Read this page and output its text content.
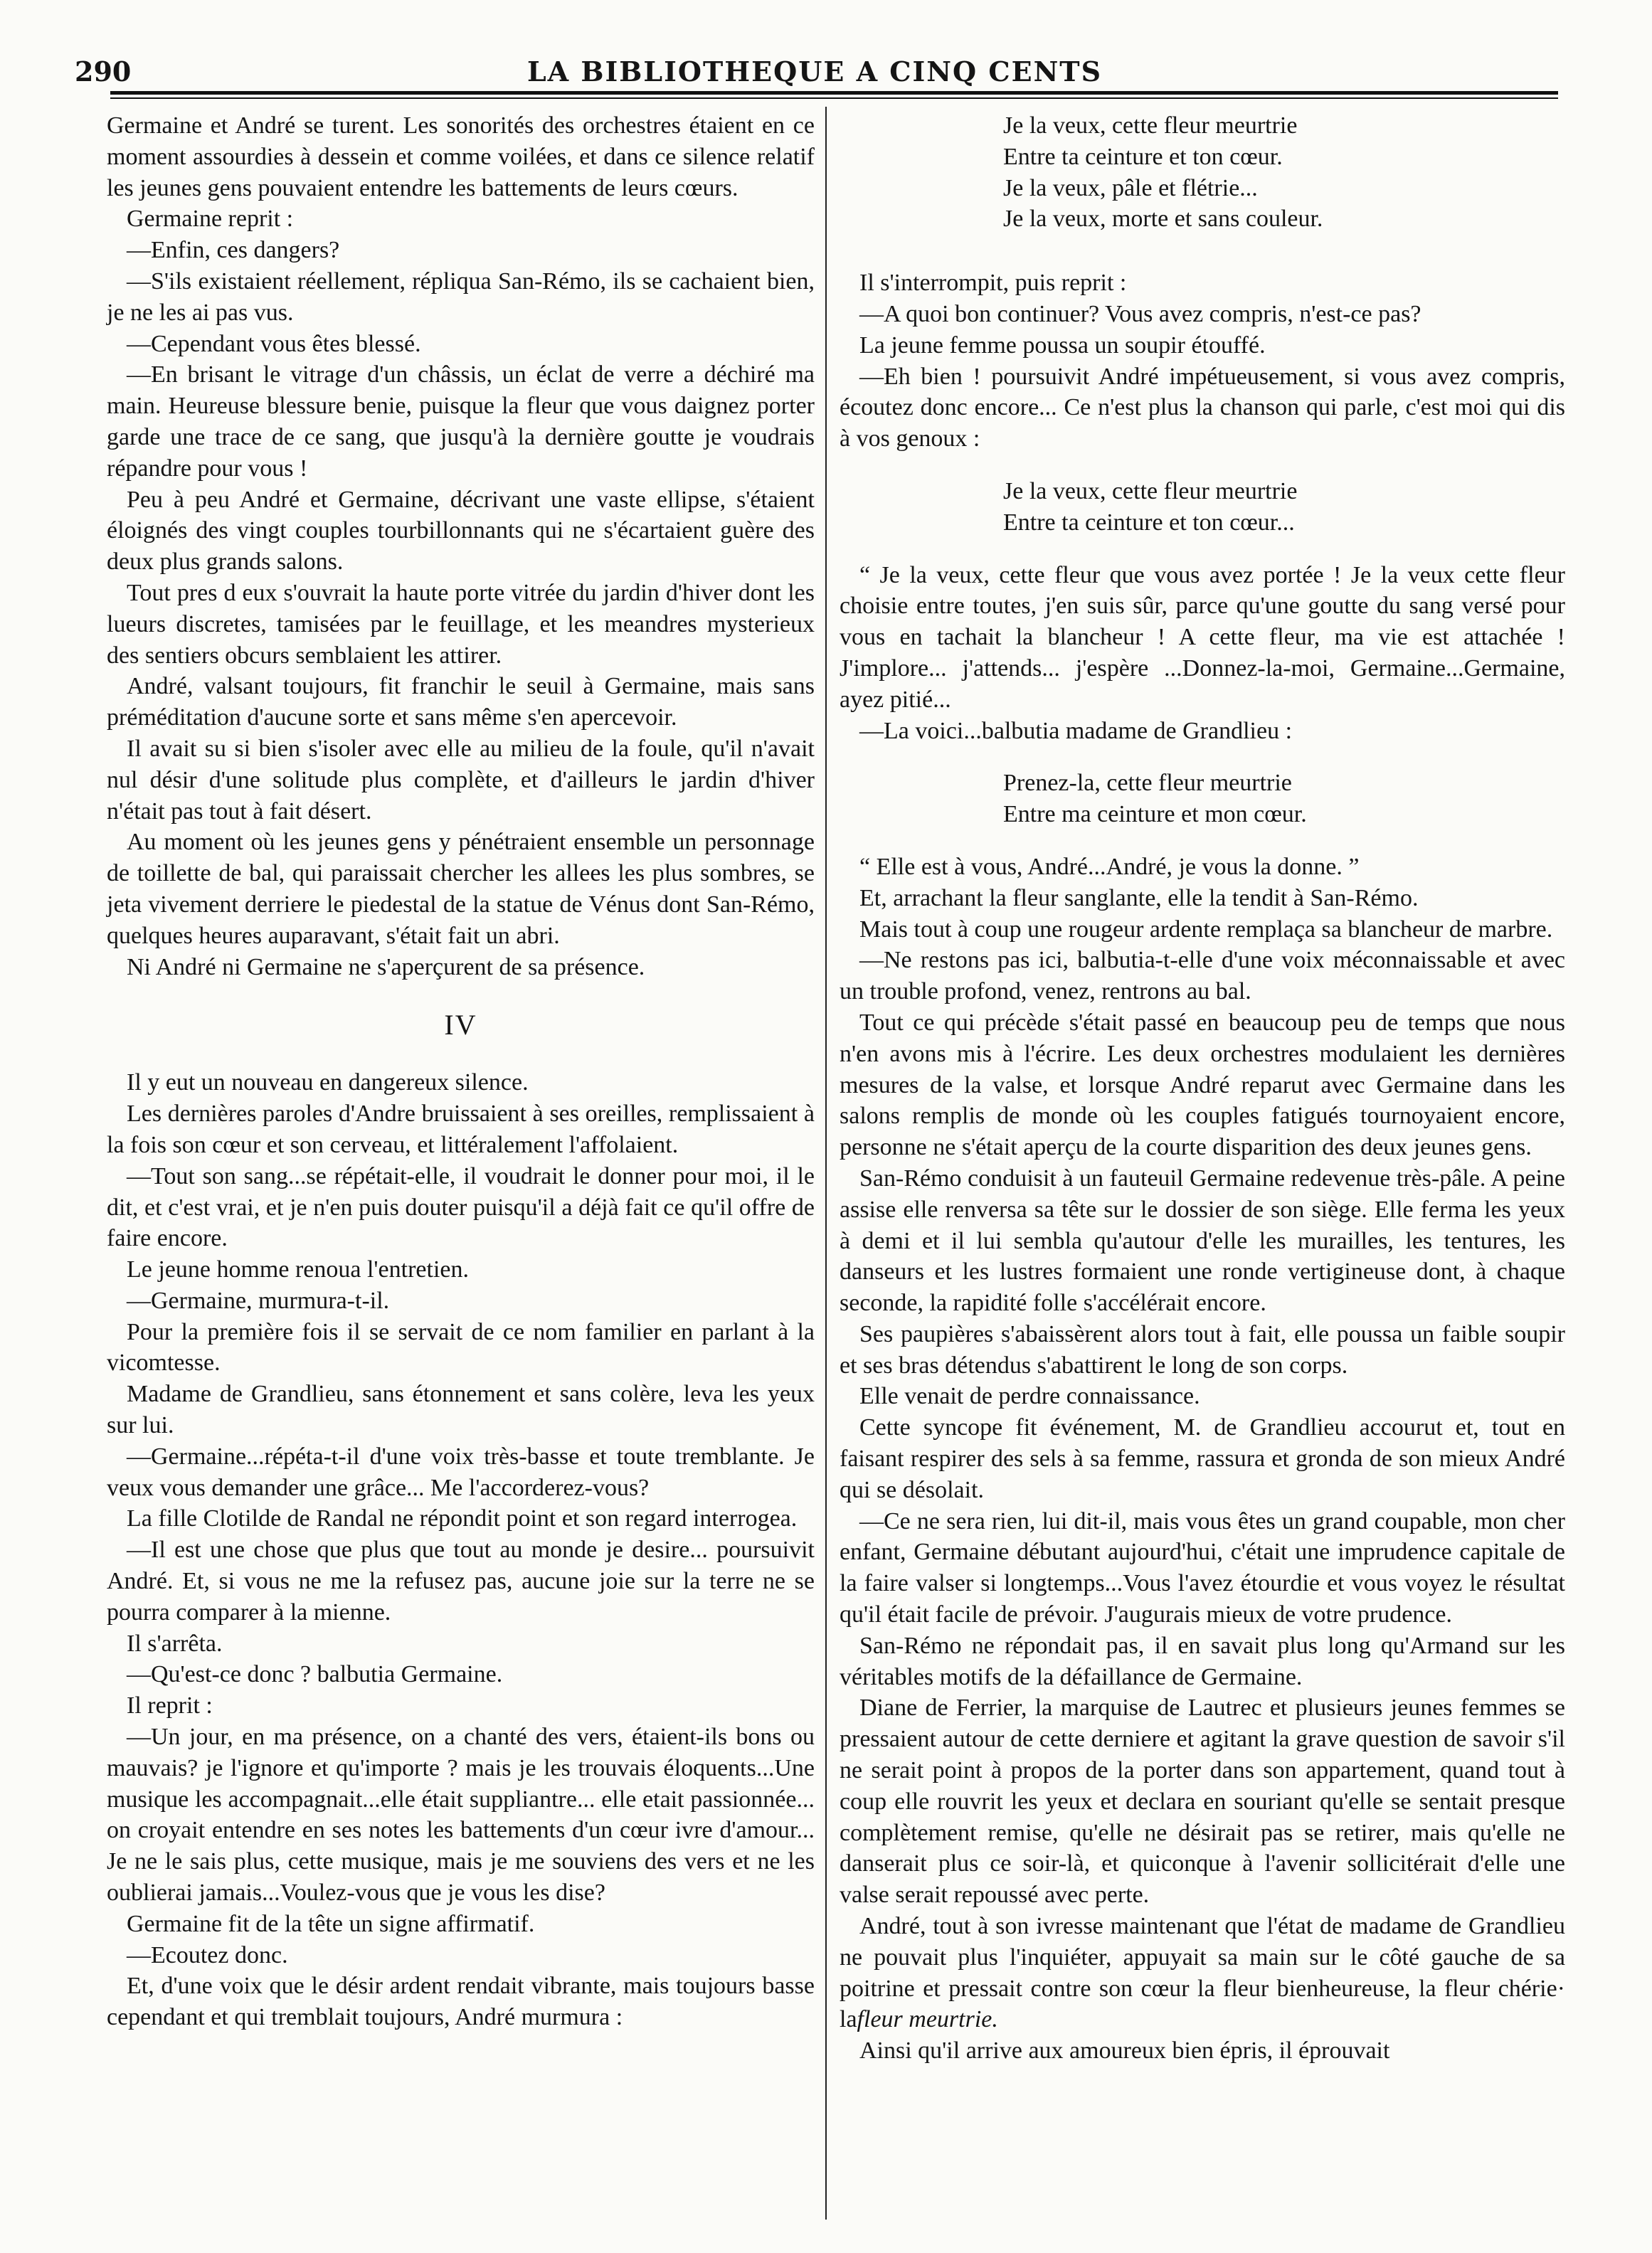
290	LA BIBLIOTHEQUE A CINQ CENTS

Germaine et André se turent. Les sonorités des orchestres étaient en ce moment assourdies à dessein et comme voilées, et dans ce silence relatif les jeunes gens pouvaient entendre les battements de leurs cœurs.

Germaine reprit :

—Enfin, ces dangers?

—S'ils existaient réellement, répliqua San-Rémo, ils se cachaient bien, je ne les ai pas vus.

—Cependant vous êtes blessé.

—En brisant le vitrage d'un châssis, un éclat de verre a déchiré ma main. Heureuse blessure benie, puisque la fleur que vous daignez porter garde une trace de ce sang, que jusqu'à la dernière goutte je voudrais répandre pour vous !

Peu à peu André et Germaine, décrivant une vaste ellipse, s'étaient éloignés des vingt couples tourbillonnants qui ne s'écartaient guère des deux plus grands salons.

Tout pres d eux s'ouvrait la haute porte vitrée du jardin d'hiver dont les lueurs discretes, tamisées par le feuillage, et les meandres mysterieux des sentiers obcurs semblaient les attirer.

André, valsant toujours, fit franchir le seuil à Germaine, mais sans préméditation d'aucune sorte et sans même s'en apercevoir.

Il avait su si bien s'isoler avec elle au milieu de la foule, qu'il n'avait nul désir d'une solitude plus complète, et d'ailleurs le jardin d'hiver n'était pas tout à fait désert.

Au moment où les jeunes gens y pénétraient ensemble un personnage de toillette de bal, qui paraissait chercher les allees les plus sombres, se jeta vivement derriere le piedestal de la statue de Vénus dont San-Rémo, quelques heures auparavant, s'était fait un abri.

Ni André ni Germaine ne s'aperçurent de sa présence.

IV

Il y eut un nouveau en dangereux silence.

Les dernières paroles d'Andre bruissaient à ses oreilles, remplissaient à la fois son cœur et son cerveau, et littéralement l'affolaient.

—Tout son sang...se répétait-elle, il voudrait le donner pour moi, il le dit, et c'est vrai, et je n'en puis douter puisqu'il a déjà fait ce qu'il offre de faire encore.

Le jeune homme renoua l'entretien.

—Germaine, murmura-t-il.

Pour la première fois il se servait de ce nom familier en parlant à la vicomtesse.

Madame de Grandlieu, sans étonnement et sans colère, leva les yeux sur lui.

—Germaine...répéta-t-il d'une voix très-basse et toute tremblante. Je veux vous demander une grâce... Me l'accorderez-vous?

La fille Clotilde de Randal ne répondit point et son regard interrogea.

—Il est une chose que plus que tout au monde je desire... poursuivit André. Et, si vous ne me la refusez pas, aucune joie sur la terre ne se pourra comparer à la mienne.

Il s'arrêta.

—Qu'est-ce donc ? balbutia Germaine.

Il reprit :

—Un jour, en ma présence, on a chanté des vers, étaient-ils bons ou mauvais? je l'ignore et qu'importe ? mais je les trouvais éloquents...Une musique les accompagnait...elle était suppliantre... elle etait passionnée... on croyait entendre en ses notes les battements d'un cœur ivre d'amour... Je ne le sais plus, cette musique, mais je me souviens des vers et ne les oublierai jamais...Voulez-vous que je vous les dise?

Germaine fit de la tête un signe affirmatif.

—Ecoutez donc.

Et, d'une voix que le désir ardent rendait vibrante, mais toujours basse cependant et qui tremblait toujours, André murmura :

Je la veux, cette fleur meurtrie

Entre ta ceinture et ton cœur.

Je la veux, pâle et flétrie...

Je la veux, morte et sans couleur.

Il s'interrompit, puis reprit :

—A quoi bon continuer? Vous avez compris, n'est-ce pas?

La jeune femme poussa un soupir étouffé.

—Eh bien ! poursuivit André impétueusement, si vous avez compris, écoutez donc encore... Ce n'est plus la chanson qui parle, c'est moi qui dis à vos genoux :

Je la veux, cette fleur meurtrie

Entre ta ceinture et ton cœur...

“ Je la veux, cette fleur que vous avez portée ! Je la veux cette fleur choisie entre toutes, j'en suis sûr, parce qu'une goutte du sang versé pour vous en tachait la blancheur ! A cette fleur, ma vie est attachée ! J'implore... j'attends... j'espère ...Donnez-la-moi, Germaine...Germaine, ayez pitié...

—La voici...balbutia madame de Grandlieu :

Prenez-la, cette fleur meurtrie

Entre ma ceinture et mon cœur.

“ Elle est à vous, André...André, je vous la donne. ”

Et, arrachant la fleur sanglante, elle la tendit à San-Rémo.

Mais tout à coup une rougeur ardente remplaça sa blancheur de marbre.

—Ne restons pas ici, balbutia-t-elle d'une voix méconnaissable et avec un trouble profond, venez, rentrons au bal.

Tout ce qui précède s'était passé en beaucoup peu de temps que nous n'en avons mis à l'écrire. Les deux orchestres modulaient les dernières mesures de la valse, et lorsque André reparut avec Germaine dans les salons remplis de monde où les couples fatigués tournoyaient encore, personne ne s'était aperçu de la courte disparition des deux jeunes gens.

San-Rémo conduisit à un fauteuil Germaine redevenue très-pâle. A peine assise elle renversa sa tête sur le dossier de son siège. Elle ferma les yeux à demi et il lui sembla qu'autour d'elle les murailles, les tentures, les danseurs et les lustres formaient une ronde vertigineuse dont, à chaque seconde, la rapidité folle s'accélérait encore.

Ses paupières s'abaissèrent alors tout à fait, elle poussa un faible soupir et ses bras détendus s'abattirent le long de son corps.

Elle venait de perdre connaissance.

Cette syncope fit événement, M. de Grandlieu accourut et, tout en faisant respirer des sels à sa femme, rassura et gronda de son mieux André qui se désolait.

—Ce ne sera rien, lui dit-il, mais vous êtes un grand coupable, mon cher enfant, Germaine débutant aujourd'hui, c'était une imprudence capitale de la faire valser si longtemps...Vous l'avez étourdie et vous voyez le résultat qu'il était facile de prévoir. J'augurais mieux de votre prudence.

San-Rémo ne répondait pas, il en savait plus long qu'Armand sur les véritables motifs de la défaillance de Germaine.

Diane de Ferrier, la marquise de Lautrec et plusieurs jeunes femmes se pressaient autour de cette derniere et agitant la grave question de savoir s'il ne serait point à propos de la porter dans son appartement, quand tout à coup elle rouvrit les yeux et declara en souriant qu'elle se sentait presque complètement remise, qu'elle ne désirait pas se retirer, mais qu'elle ne danserait plus ce soir-là, et quiconque à l'avenir sollicitérait d'elle une valse serait repoussé avec perte.

André, tout à son ivresse maintenant que l'état de madame de Grandlieu ne pouvait plus l'inquiéter, appuyait sa main sur le côté gauche de sa poitrine et pressait contre son cœur la fleur bienheureuse, la fleur chérie· lafleur meurtrie.

Ainsi qu'il arrive aux amoureux bien épris, il éprouvait
